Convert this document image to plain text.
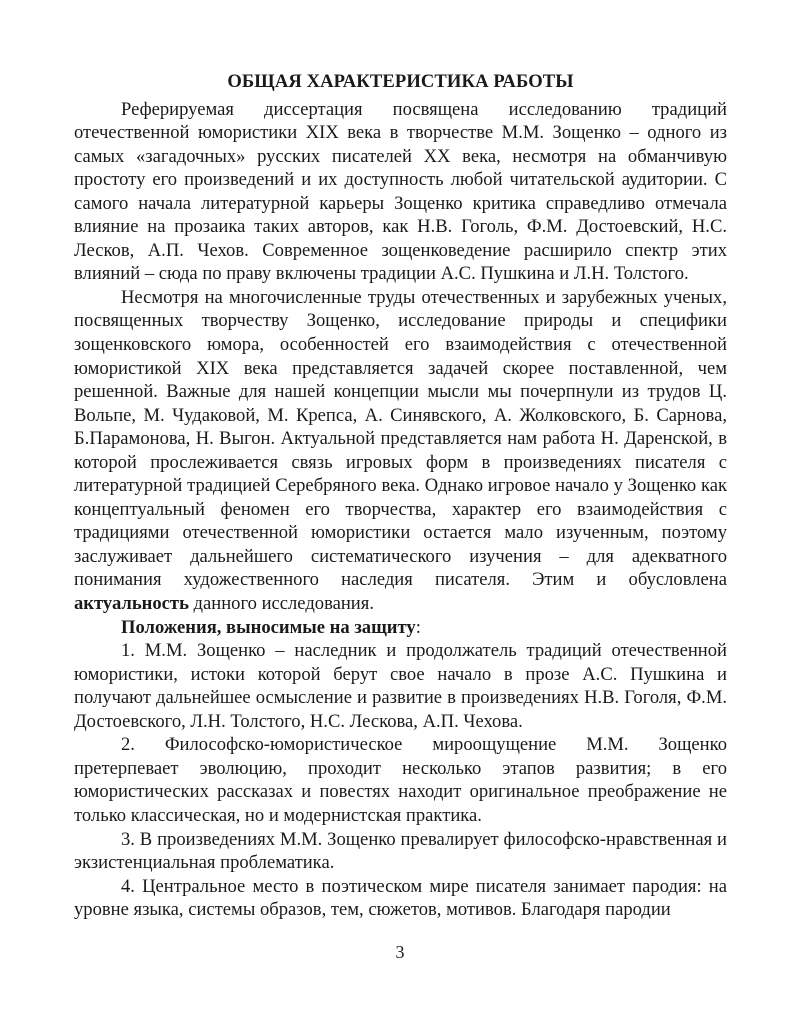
ОБЩАЯ ХАРАКТЕРИСТИКА РАБОТЫ

Реферируемая диссертация посвящена исследованию традиций отечественной юмористики XIX века в творчестве М.М. Зощенко – одного из самых «загадочных» русских писателей ХХ века, несмотря на обманчивую простоту его произведений и их доступность любой читательской аудитории. С самого начала литературной карьеры Зощенко критика справедливо отмечала влияние на прозаика таких авторов, как Н.В. Гоголь, Ф.М. Достоевский, Н.С. Лесков, А.П. Чехов. Современное зощенковедение расширило спектр этих влияний – сюда по праву включены традиции А.С. Пушкина и Л.Н. Толстого.

Несмотря на многочисленные труды отечественных и зарубежных ученых, посвященных творчеству Зощенко, исследование природы и специфики зощенковского юмора, особенностей его взаимодействия с отечественной юмористикой XIX века представляется задачей скорее поставленной, чем решенной. Важные для нашей концепции мысли мы почерпнули из трудов Ц. Вольпе, М. Чудаковой, М. Крепса, А. Синявского, А. Жолковского, Б. Сарнова, Б.Парамонова, Н. Выгон. Актуальной представляется нам работа Н. Даренской, в которой прослеживается связь игровых форм в произведениях писателя с литературной традицией Серебряного века. Однако игровое начало у Зощенко как концептуальный феномен его творчества, характер его взаимодействия с традициями отечественной юмористики остается мало изученным, поэтому заслуживает дальнейшего систематического изучения – для адекватного понимания художественного наследия писателя. Этим и обусловлена актуальность данного исследования.

Положения, выносимые на защиту:

1. М.М. Зощенко – наследник и продолжатель традиций отечественной юмористики, истоки которой берут свое начало в прозе А.С. Пушкина и получают дальнейшее осмысление и развитие в произведениях Н.В. Гоголя, Ф.М. Достоевского, Л.Н. Толстого, Н.С. Лескова, А.П. Чехова.

2. Философско-юмористическое мироощущение М.М. Зощенко претерпевает эволюцию, проходит несколько этапов развития; в его юмористических рассказах и повестях находит оригинальное преображение не только классическая, но и модернистская практика.

3. В произведениях М.М. Зощенко превалирует философско-нравственная и экзистенциальная проблематика.

4. Центральное место в поэтическом мире писателя занимает пародия: на уровне языка, системы образов, тем, сюжетов, мотивов. Благодаря пародии

3
